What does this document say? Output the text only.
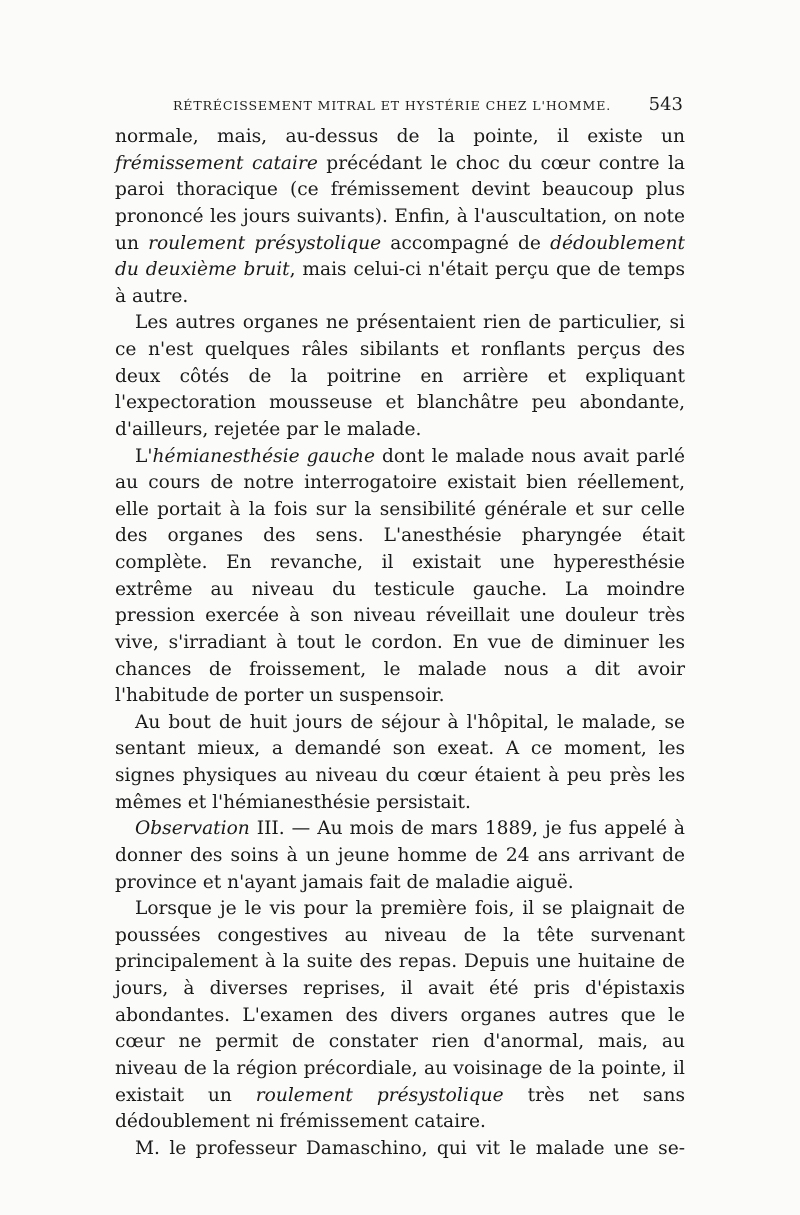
RÉTRÉCISSEMENT MITRAL ET HYSTÉRIE CHEZ L'HOMME. 543

normale, mais, au-dessus de la pointe, il existe un frémissement cataire précédant le choc du cœur contre la paroi thoracique (ce frémissement devint beaucoup plus prononcé les jours suivants). Enfin, à l'auscultation, on note un roulement présystolique accompagné de dédoublement du deuxième bruit, mais celui-ci n'était perçu que de temps à autre.

Les autres organes ne présentaient rien de particulier, si ce n'est quelques râles sibilants et ronflants perçus des deux côtés de la poitrine en arrière et expliquant l'expectoration mousseuse et blanchâtre peu abondante, d'ailleurs, rejetée par le malade.

L'hémianesthésie gauche dont le malade nous avait parlé au cours de notre interrogatoire existait bien réellement, elle portait à la fois sur la sensibilité générale et sur celle des organes des sens. L'anesthésie pharyngée était complète. En revanche, il existait une hyperesthésie extrême au niveau du testicule gauche. La moindre pression exercée à son niveau réveillait une douleur très vive, s'irradiant à tout le cordon. En vue de diminuer les chances de froissement, le malade nous a dit avoir l'habitude de porter un suspensoir.

Au bout de huit jours de séjour à l'hôpital, le malade, se sentant mieux, a demandé son exeat. A ce moment, les signes physiques au niveau du cœur étaient à peu près les mêmes et l'hémianesthésie persistait.

Observation III. — Au mois de mars 1889, je fus appelé à donner des soins à un jeune homme de 24 ans arrivant de province et n'ayant jamais fait de maladie aiguë.

Lorsque je le vis pour la première fois, il se plaignait de poussées congestives au niveau de la tête survenant principalement à la suite des repas. Depuis une huitaine de jours, à diverses reprises, il avait été pris d'épistaxis abondantes. L'examen des divers organes autres que le cœur ne permit de constater rien d'anormal, mais, au niveau de la région précordiale, au voisinage de la pointe, il existait un roulement présystolique très net sans dédoublement ni frémissement cataire.

M. le professeur Damaschino, qui vit le malade une se-
